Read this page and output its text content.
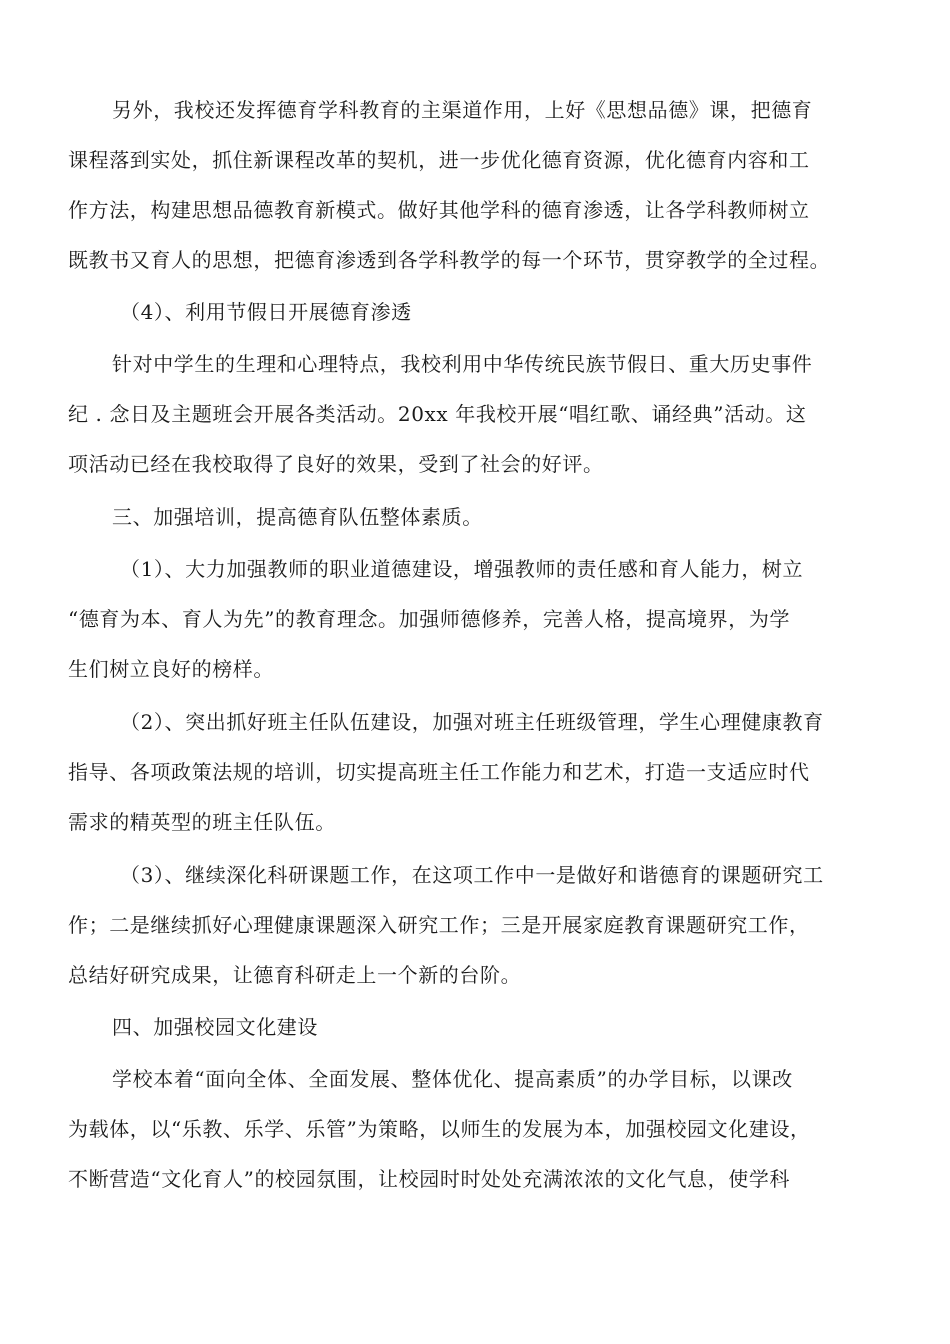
另外，我校还发挥德育学科教育的主渠道作用，上好《思想品德》课，把德育
课程落到实处，抓住新课程改革的契机，进一步优化德育资源，优化德育内容和工
作方法，构建思想品德教育新模式。做好其他学科的德育渗透，让各学科教师树立
既教书又育人的思想，把德育渗透到各学科教学的每一个环节，贯穿教学的全过程。
（4）、利用节假日开展德育渗透
针对中学生的生理和心理特点，我校利用中华传统民族节假日、重大历史事件
纪 . 念日及主题班会开展各类活动。20xx 年我校开展“唱红歌、诵经典”活动。这
项活动已经在我校取得了良好的效果，受到了社会的好评。
三、加强培训，提高德育队伍整体素质。
（1）、大力加强教师的职业道德建设，增强教师的责任感和育人能力，树立
“德育为本、育人为先”的教育理念。加强师德修养，完善人格，提高境界，为学
生们树立良好的榜样。
（2）、突出抓好班主任队伍建设，加强对班主任班级管理，学生心理健康教育
指导、各项政策法规的培训，切实提高班主任工作能力和艺术，打造一支适应时代
需求的精英型的班主任队伍。
（3）、继续深化科研课题工作，在这项工作中一是做好和谐德育的课题研究工
作；二是继续抓好心理健康课题深入研究工作；三是开展家庭教育课题研究工作，
总结好研究成果，让德育科研走上一个新的台阶。
四、加强校园文化建设
学校本着“面向全体、全面发展、整体优化、提高素质”的办学目标，以课改
为载体，以“乐教、乐学、乐管”为策略，以师生的发展为本，加强校园文化建设，
不断营造“文化育人”的校园氛围，让校园时时处处充满浓浓的文化气息，使学科
